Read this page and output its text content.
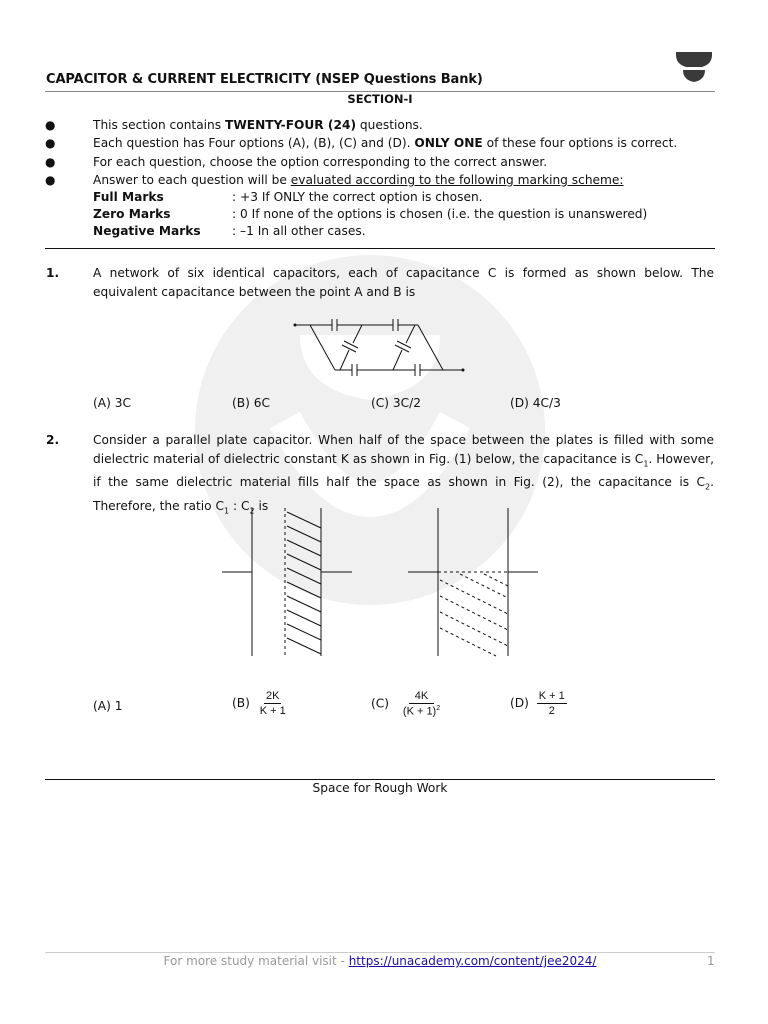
CAPACITOR & CURRENT ELECTRICITY (NSEP Questions Bank)
SECTION-I
●	This section contains TWENTY-FOUR (24) questions.
●	Each question has Four options (A), (B), (C) and (D). ONLY ONE of these four options is correct.
●	For each question, choose the option corresponding to the correct answer.
●	Answer to each question will be evaluated according to the following marking scheme:
Full Marks	: +3 If ONLY the correct option is chosen.
Zero Marks	: 0 If none of the options is chosen (i.e. the question is unanswered)
Negative Marks	: –1 In all other cases.
1.	A network of six identical capacitors, each of capacitance C is formed as shown below. The equivalent capacitance between the point A and B is
(A) 3C	(B) 6C	(C) 3C/2	(D) 4C/3
2.	Consider a parallel plate capacitor. When half of the space between the plates is filled with some dielectric material of dielectric constant K as shown in Fig. (1) below, the capacitance is $C_1$. However, if the same dielectric material fills half the space as shown in Fig. (2), the capacitance is $C_2$. Therefore, the ratio $C_1$ : $C_2$ is
(A) 1	$(B) \frac{2K}{K + 1}$	$(C) \frac{4K}{(K + 1)^2}$	$(D) \frac{K + 1}{2}$
Space for Rough Work
For more study material visit - https://unacademy.com/content/jee2024/	1
